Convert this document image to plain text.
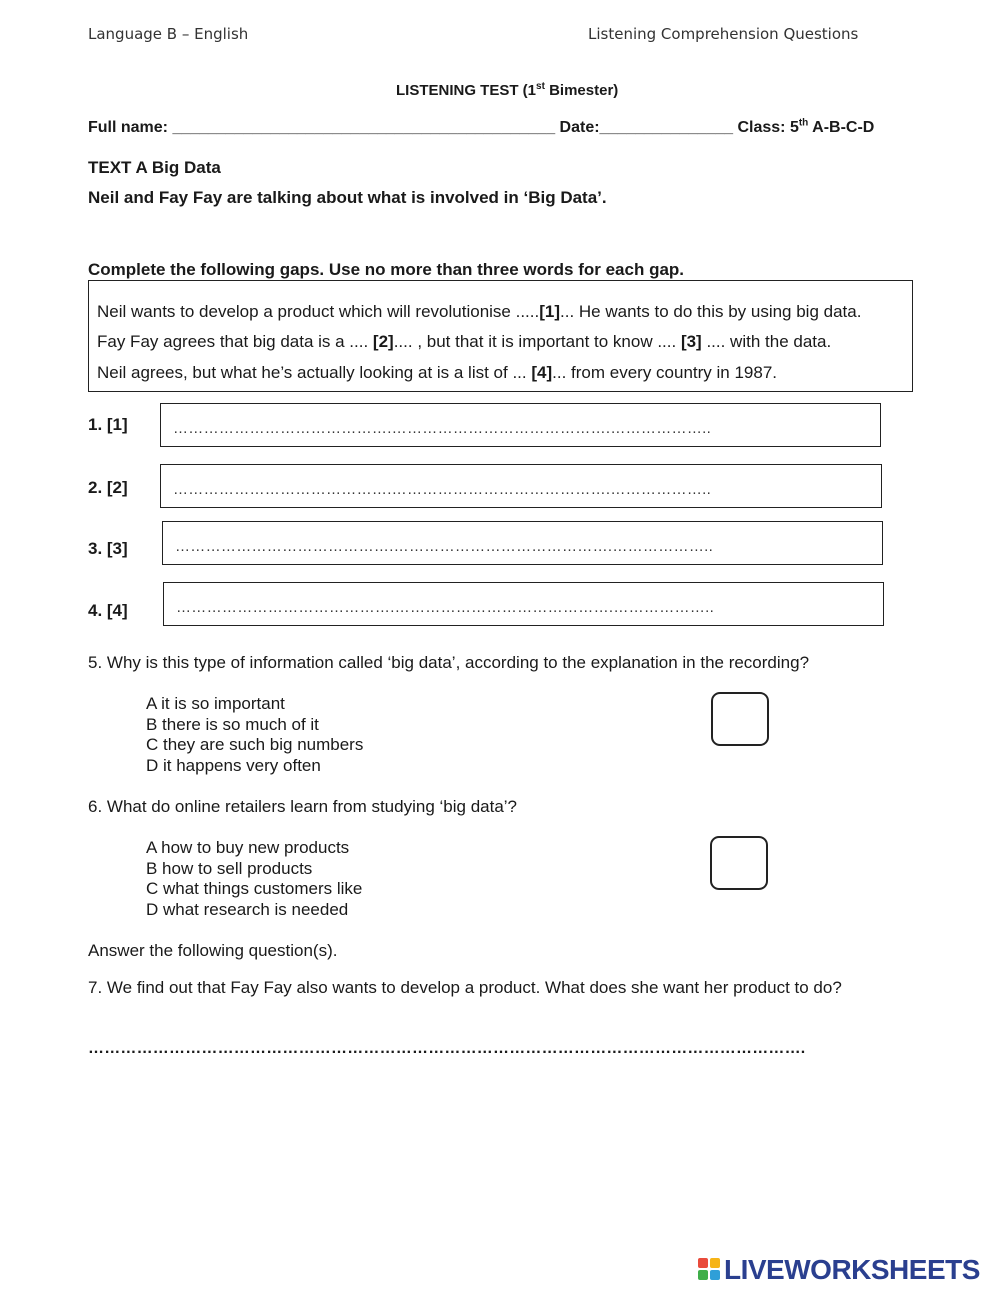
Language B – English	Listening Comprehension Questions
LISTENING TEST (1st Bimester)
Full name: ___________________________________________ Date:_______________ Class: 5th A-B-C-D
TEXT A Big Data
Neil and Fay Fay are talking about what is involved in ‘Big Data’.
Complete the following gaps. Use no more than three words for each gap.
Neil wants to develop a product which will revolutionise .....[1]... He wants to do this by using big data.
Fay Fay agrees that big data is a .... [2].... , but that it is important to know .... [3] .... with the data.
Neil agrees, but what he’s actually looking at is a list of ... [4]... from every country in 1987.
1. [1]	…………………………………….…………………………………….………………..
2. [2]	…………………………………….…………………………………….………………..
3. [3]	…………………………………….…………………………………….………………..
4. [4]	…………………………………….…………………………………….………………..
5. Why is this type of information called ‘big data’, according to the explanation in the recording?
A it is so important
B there is so much of it
C they are such big numbers
D it happens very often
6. What do online retailers learn from studying ‘big data’?
A how to buy new products
B how to sell products
C what things customers like
D what research is needed
Answer the following question(s).
7. We find out that Fay Fay also wants to develop a product. What does she want her product to do?
…………………………………………………………………………………………………………………….
LIVEWORKSHEETS
